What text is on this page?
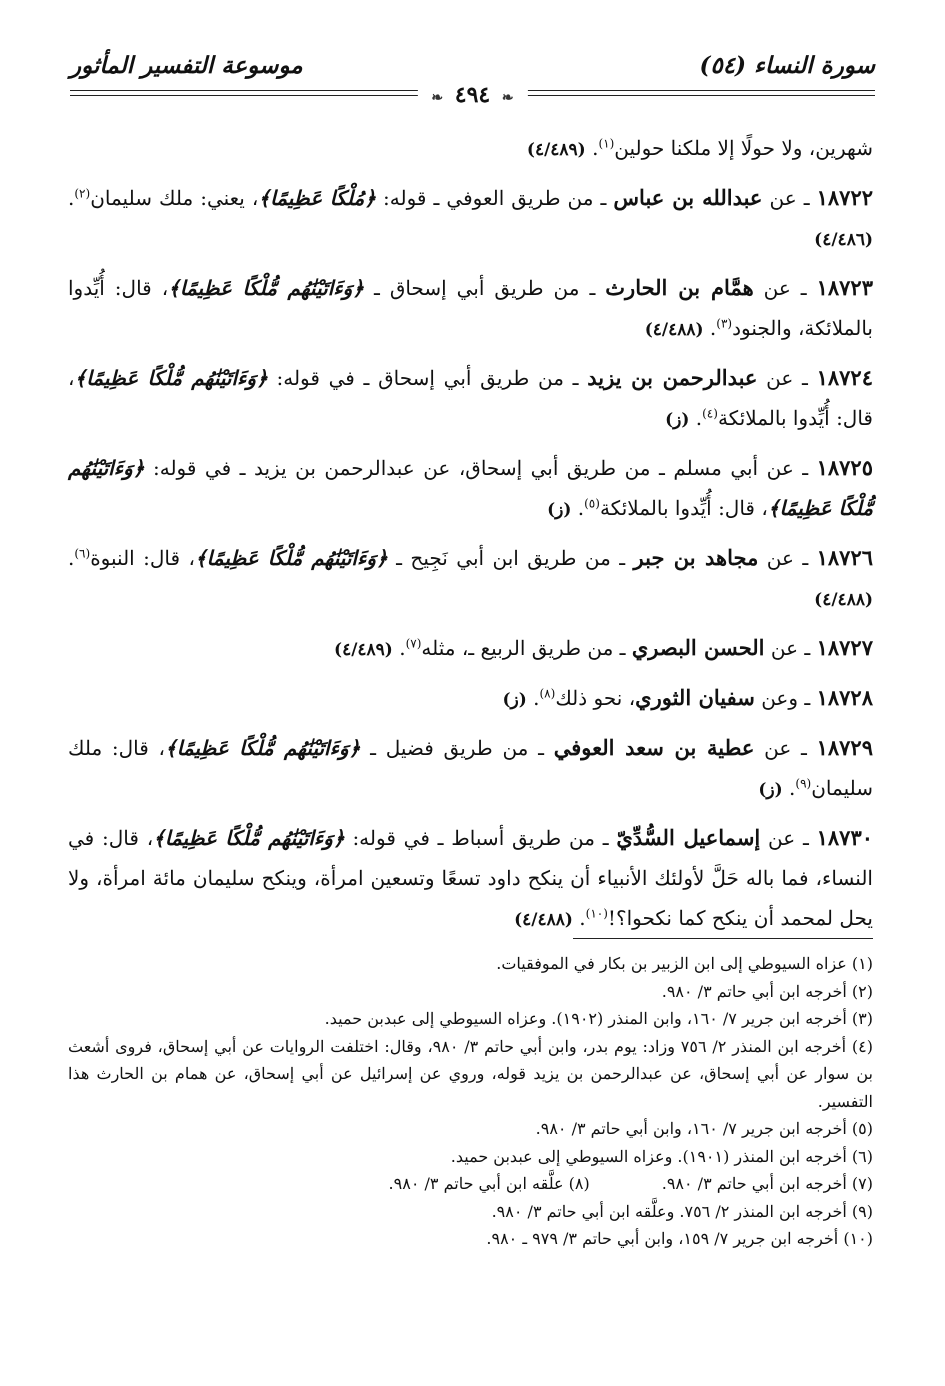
سورة النساء (٥٤)
موسوعة التفسير المأثور
❧ ٤٩٤ ❧

شهرين، ولا حولًا إلا ملكنا حولين$^{(١)}$. (٤/٤٨٩)

١٨٧٢٢ ـ عن عبدالله بن عباس ـ من طريق العوفي ـ قوله: ﴿مُلْكًا عَظِيمًا﴾، يعني: ملك سليمان$^{(٢)}$. (٤/٤٨٦)

١٨٧٢٣ ـ عن همَّام بن الحارث ـ من طريق أبي إسحاق ـ ﴿وَءَاتَيْنَٰهُم مُّلْكًا عَظِيمًا﴾، قال: أُيِّدوا بالملائكة، والجنود$^{(٣)}$. (٤/٤٨٨)

١٨٧٢٤ ـ عن عبدالرحمن بن يزيد ـ من طريق أبي إسحاق ـ في قوله: ﴿وَءَاتَيْنَٰهُم مُّلْكًا عَظِيمًا﴾، قال: أُيِّدوا بالملائكة$^{(٤)}$. (ز)

١٨٧٢٥ ـ عن أبي مسلم ـ من طريق أبي إسحاق، عن عبدالرحمن بن يزيد ـ في قوله: ﴿وَءَاتَيْنَٰهُم مُّلْكًا عَظِيمًا﴾، قال: أُيِّدوا بالملائكة$^{(٥)}$. (ز)

١٨٧٢٦ ـ عن مجاهد بن جبر ـ من طريق ابن أبي نَجِيح ـ ﴿وَءَاتَيْنَٰهُم مُّلْكًا عَظِيمًا﴾، قال: النبوة$^{(٦)}$. (٤/٤٨٨)

١٨٧٢٧ ـ عن الحسن البصري ـ من طريق الربيع ـ، مثله$^{(٧)}$. (٤/٤٨٩)

١٨٧٢٨ ـ وعن سفيان الثوري، نحو ذلك$^{(٨)}$. (ز)

١٨٧٢٩ ـ عن عطية بن سعد العوفي ـ من طريق فضيل ـ ﴿وَءَاتَيْنَٰهُم مُّلْكًا عَظِيمًا﴾، قال: ملك سليمان$^{(٩)}$. (ز)

١٨٧٣٠ ـ عن إسماعيل السُّدِّيّ ـ من طريق أسباط ـ في قوله: ﴿وَءَاتَيْنَٰهُم مُّلْكًا عَظِيمًا﴾، قال: في النساء، فما باله حَلَّ لأولئك الأنبياء أن ينكح داود تسعًا وتسعين امرأة، وينكح سليمان مائة امرأة، ولا يحل لمحمد أن ينكح كما نكحوا؟!$^{(١٠)}$. (٤/٤٨٨)

(١) عزاه السيوطي إلى ابن الزبير بن بكار في الموفقيات.

(٢) أخرجه ابن أبي حاتم ٣/ ٩٨٠.

(٣) أخرجه ابن جرير ٧/ ١٦٠، وابن المنذر (١٩٠٢). وعزاه السيوطي إلى عبدبن حميد.

(٤) أخرجه ابن المنذر ٢/ ٧٥٦ وزاد: يوم بدر، وابن أبي حاتم ٣/ ٩٨٠، وقال: اختلفت الروايات عن أبي إسحاق، فروى أشعث بن سوار عن أبي إسحاق، عن عبدالرحمن بن يزيد قوله، وروي عن إسرائيل عن أبي إسحاق، عن همام بن الحارث هذا التفسير.

(٥) أخرجه ابن جرير ٧/ ١٦٠، وابن أبي حاتم ٣/ ٩٨٠.

(٦) أخرجه ابن المنذر (١٩٠١). وعزاه السيوطي إلى عبدبن حميد.

(٧) أخرجه ابن أبي حاتم ٣/ ٩٨٠.
(٨) علَّقه ابن أبي حاتم ٣/ ٩٨٠.

(٩) أخرجه ابن المنذر ٢/ ٧٥٦. وعلَّقه ابن أبي حاتم ٣/ ٩٨٠.

(١٠) أخرجه ابن جرير ٧/ ١٥٩، وابن أبي حاتم ٣/ ٩٧٩ ـ ٩٨٠.
